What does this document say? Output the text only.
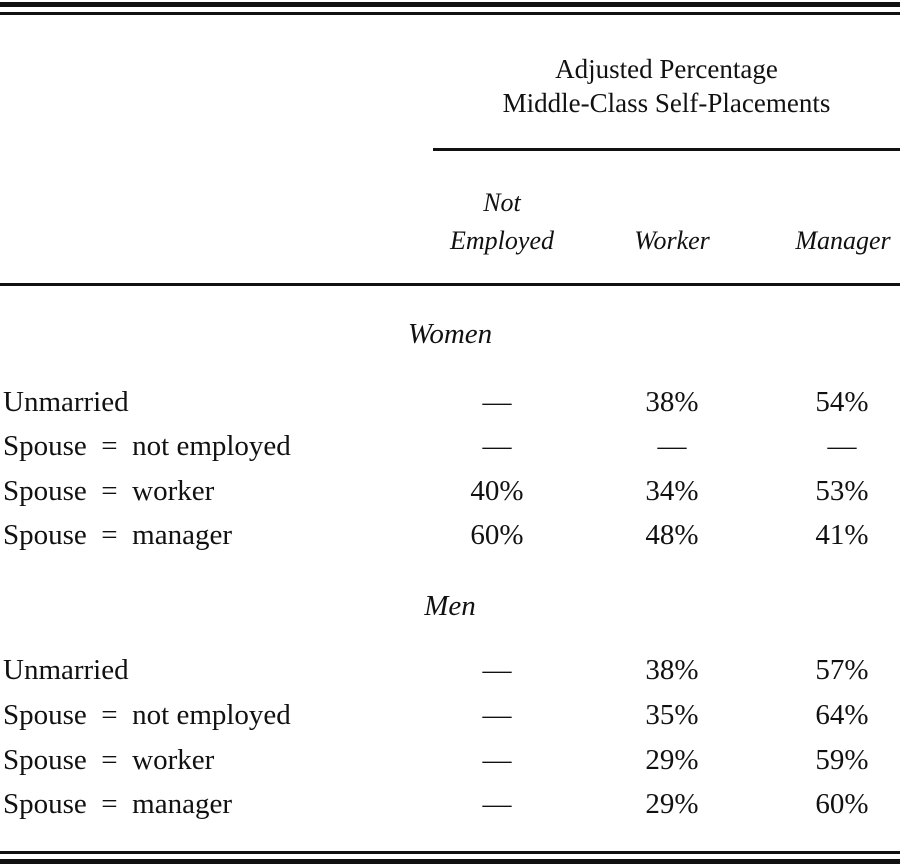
Adjusted Percentage
Middle-Class Self-Placements
Not
Employed	Worker	Manager
Women
Unmarried	—	38%	54%
Spouse  =  not employed	—	—	—
Spouse  =  worker	40%	34%	53%
Spouse  =  manager	60%	48%	41%
Men
Unmarried	—	38%	57%
Spouse  =  not employed	—	35%	64%
Spouse  =  worker	—	29%	59%
Spouse  =  manager	—	29%	60%
